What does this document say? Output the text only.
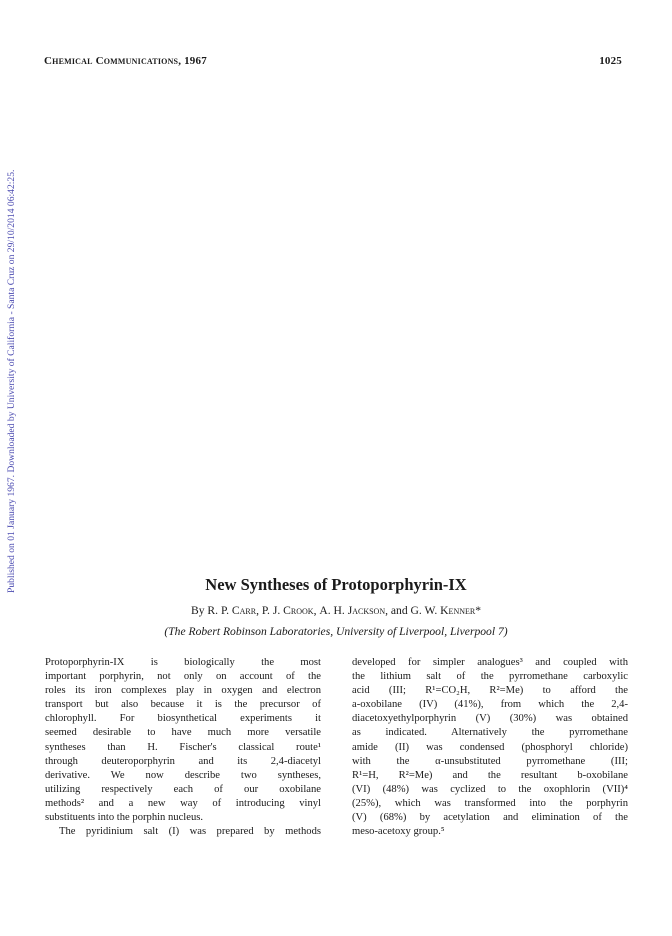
Published on 01 January 1967. Downloaded by University of California - Santa Cruz on 29/10/2014 06:42:25.
Chemical Communications, 1967	1025
New Syntheses of Protoporphyrin-IX
By R. P. Carr, P. J. Crook, A. H. Jackson, and G. W. Kenner*
(The Robert Robinson Laboratories, University of Liverpool, Liverpool 7)
Protoporphyrin-IX is biologically the most
important porphyrin, not only on account of the
roles its iron complexes play in oxygen and electron
transport but also because it is the precursor of
chlorophyll. For biosynthetical experiments it
seemed desirable to have much more versatile
syntheses than H. Fischer's classical route¹
through deuteroporphyrin and its 2,4-diacetyl
derivative. We now describe two syntheses,
utilizing respectively each of our oxobilane
methods² and a new way of introducing vinyl
substituents into the porphin nucleus.
The pyridinium salt (I) was prepared by methods
developed for simpler analogues³ and coupled with
the lithium salt of the pyrromethane carboxylic
acid (III; R¹=CO₂H, R²=Me) to afford the
a-oxobilane (IV) (41%), from which the 2,4-
diacetoxyethylporphyrin (V) (30%) was obtained
as indicated. Alternatively the pyrromethane
amide (II) was condensed (phosphoryl chloride)
with the α-unsubstituted pyrromethane (III;
R¹=H, R²=Me) and the resultant b-oxobilane
(VI) (48%) was cyclized to the oxophlorin (VII)⁴
(25%), which was transformed into the porphyrin
(V) (68%) by acetylation and elimination of the
meso-acetoxy group.⁵
